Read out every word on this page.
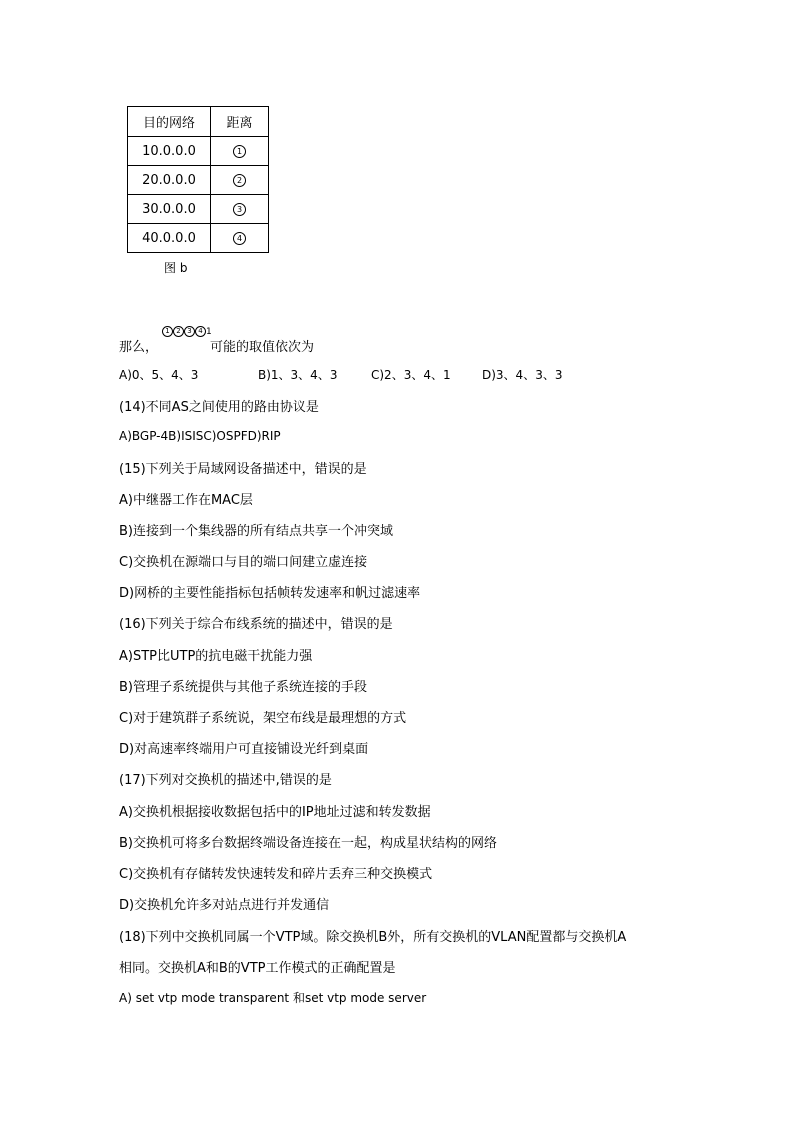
目的网络	距离
10.0.0.0	1
20.0.0.0	2
30.0.0.0	3
40.0.0.0	4
图 b
1 2 3 4 1
那么，	可能的取值依次为
A)0、5、4、3	B)1、3、4、3	C)2、3、4、1	D)3、4、3、3
(14)不同AS之间使用的路由协议是
A)BGP-4B)ISISC)OSPFD)RIP
(15)下列关于局域网设备描述中，错误的是
A)中继器工作在MAC层
B)连接到一个集线器的所有结点共享一个冲突域
C)交换机在源端口与目的端口间建立虚连接
D)网桥的主要性能指标包括帧转发速率和帆过滤速率
(16)下列关于综合布线系统的描述中，错误的是
A)STP比UTP的抗电磁干扰能力强
B)管理子系统提供与其他子系统连接的手段
C)对于建筑群子系统说，架空布线是最理想的方式
D)对高速率终端用户可直接铺设光纤到桌面
(17)下列对交换机的描述中,错误的是
A)交换机根据接收数据包括中的IP地址过滤和转发数据
B)交换机可将多台数据终端设备连接在一起，构成星状结构的网络
C)交换机有存储转发快速转发和碎片丢弃三种交换模式
D)交换机允许多对站点进行并发通信
(18)下列中交换机同属一个VTP域。除交换机B外，所有交换机的VLAN配置都与交换机A
相同。交换机A和B的VTP工作模式的正确配置是
A) set vtp mode transparent 和set vtp mode server
